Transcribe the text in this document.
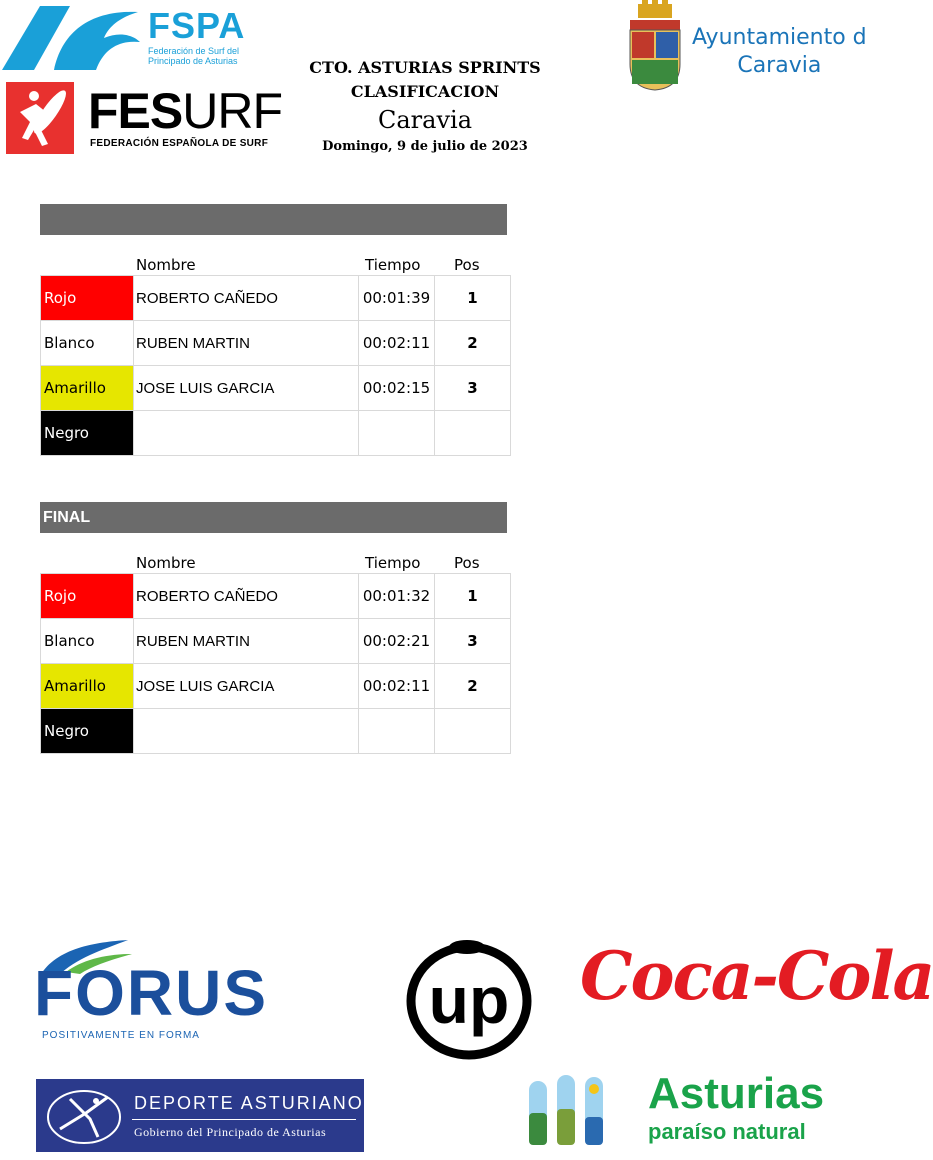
FSPA
Federación de Surf del Principado de Asturias
FESURF
FEDERACIÓN ESPAÑOLA DE SURF
CTO. ASTURIAS SPRINTS
CLASIFICACION
Caravia
Domingo, 9 de julio de 2023
Ayuntamiento d
Caravia
Nombre	Tiempo Pos
Rojo	ROBERTO CAÑEDO	00:01:39	1
Blanco	RUBEN MARTIN	00:02:11	2
Amarillo	JOSE LUIS GARCIA	00:02:15	3
Negro			
FINAL
Nombre	Tiempo Pos
Rojo	ROBERTO CAÑEDO	00:01:32	1
Blanco	RUBEN MARTIN	00:02:21	3
Amarillo	JOSE LUIS GARCIA	00:02:11	2
Negro			
FORUS
POSITIVAMENTE EN FORMA	up Coca-Cola
DEPORTE ASTURIANO
Gobierno del Principado de Asturias
Asturias
paraíso natural
